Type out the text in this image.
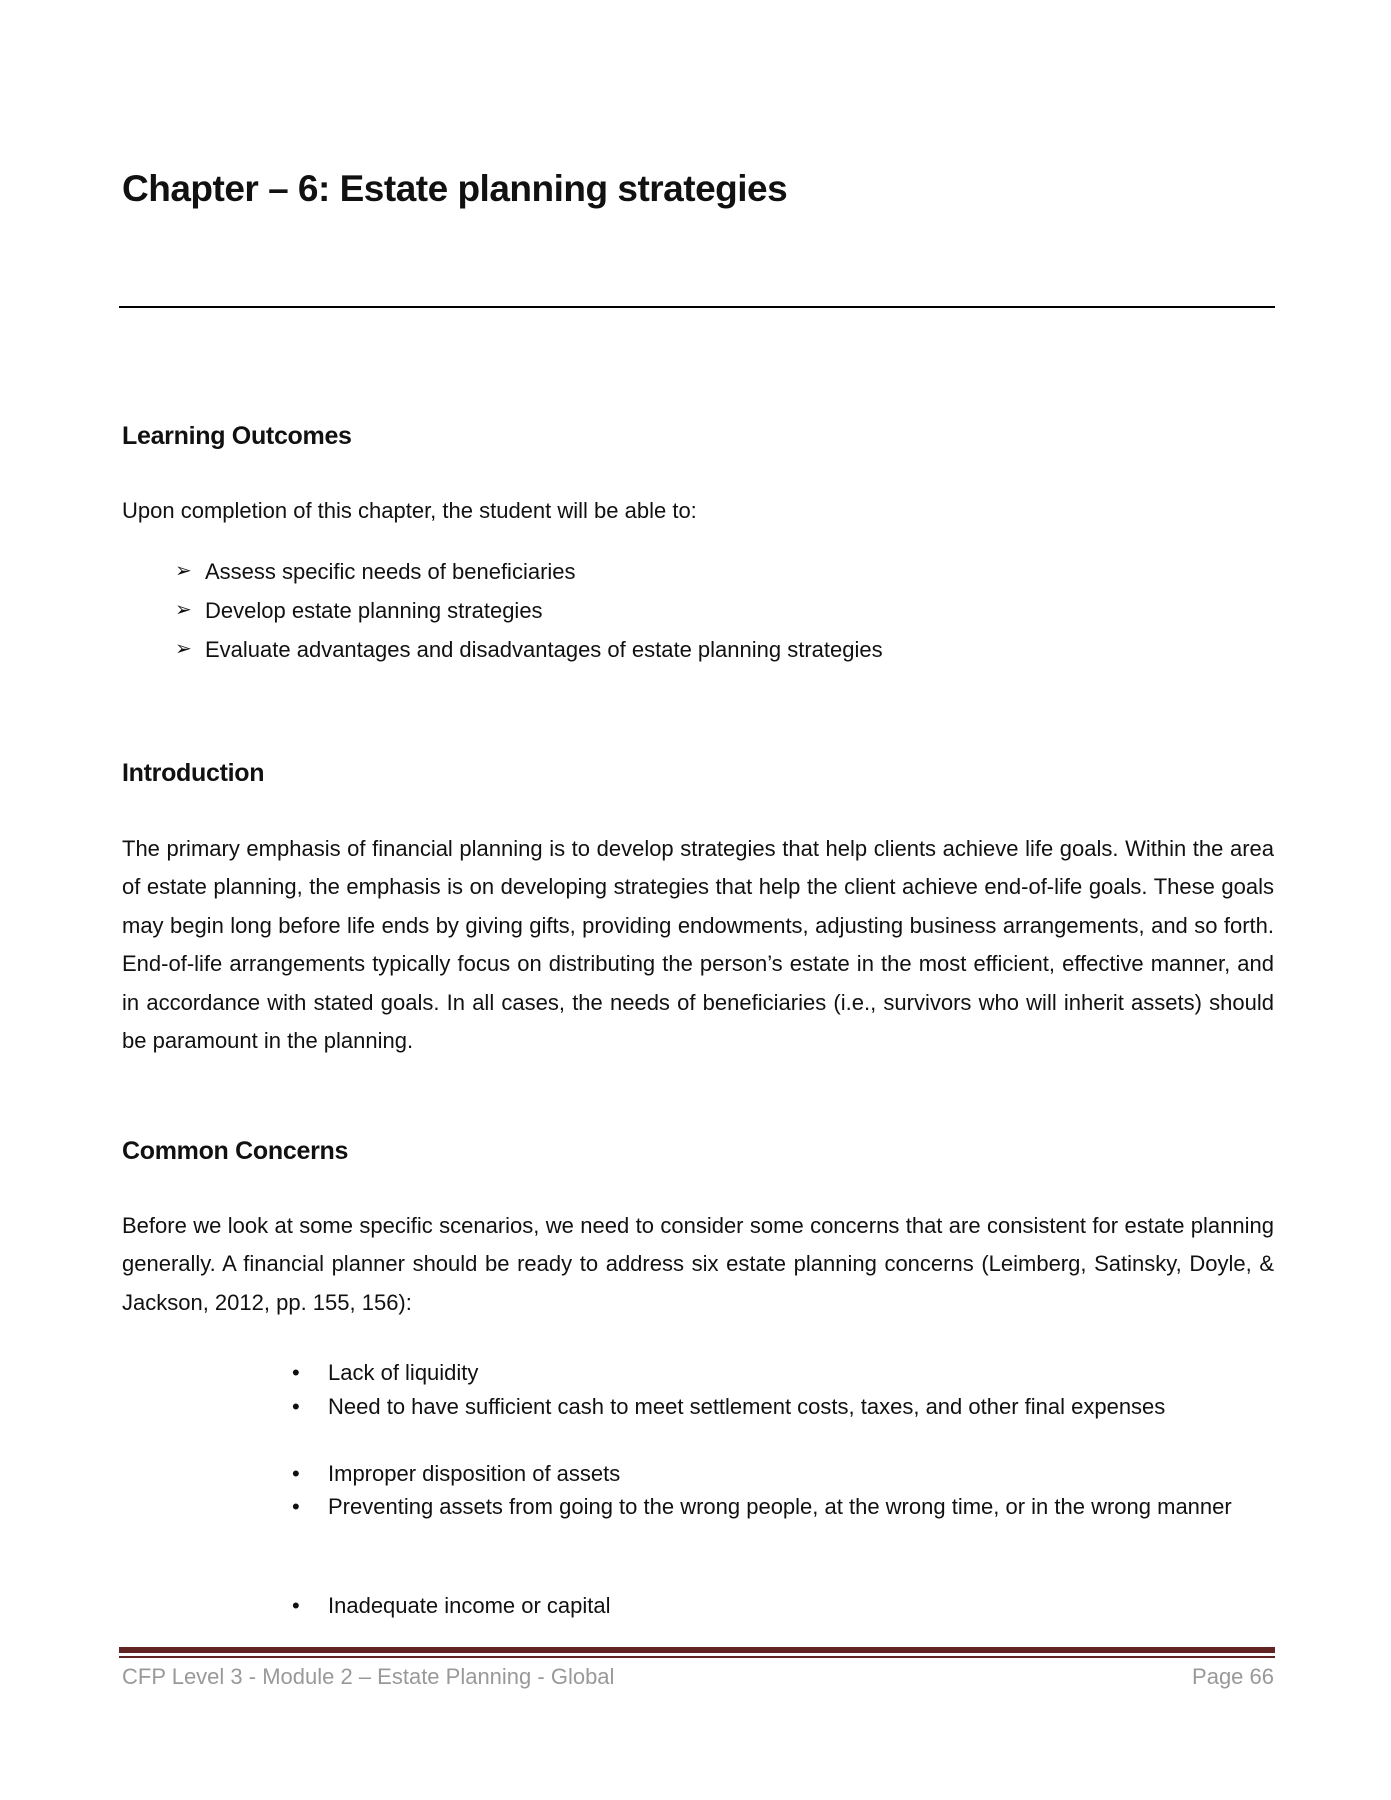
Chapter – 6: Estate planning strategies
Learning Outcomes
Upon completion of this chapter, the student will be able to:
➢ Assess specific needs of beneficiaries
➢ Develop estate planning strategies
➢ Evaluate advantages and disadvantages of estate planning strategies
Introduction
The primary emphasis of financial planning is to develop strategies that help clients achieve life goals. Within the area of estate planning, the emphasis is on developing strategies that help the client achieve end-of-life goals. These goals may begin long before life ends by giving gifts, providing endowments, adjusting business arrangements, and so forth. End-of-life arrangements typically focus on distributing the person’s estate in the most efficient, effective manner, and in accordance with stated goals. In all cases, the needs of beneficiaries (i.e., survivors who will inherit assets) should be paramount in the planning.
Common Concerns
Before we look at some specific scenarios, we need to consider some concerns that are consistent for estate planning generally. A financial planner should be ready to address six estate planning concerns (Leimberg, Satinsky, Doyle, & Jackson, 2012, pp. 155, 156):
• Lack of liquidity
• Need to have sufficient cash to meet settlement costs, taxes, and other final expenses
• Improper disposition of assets
• Preventing assets from going to the wrong people, at the wrong time, or in the wrong manner
• Inadequate income or capital
CFP Level 3 - Module 2 – Estate Planning - Global	Page 66
